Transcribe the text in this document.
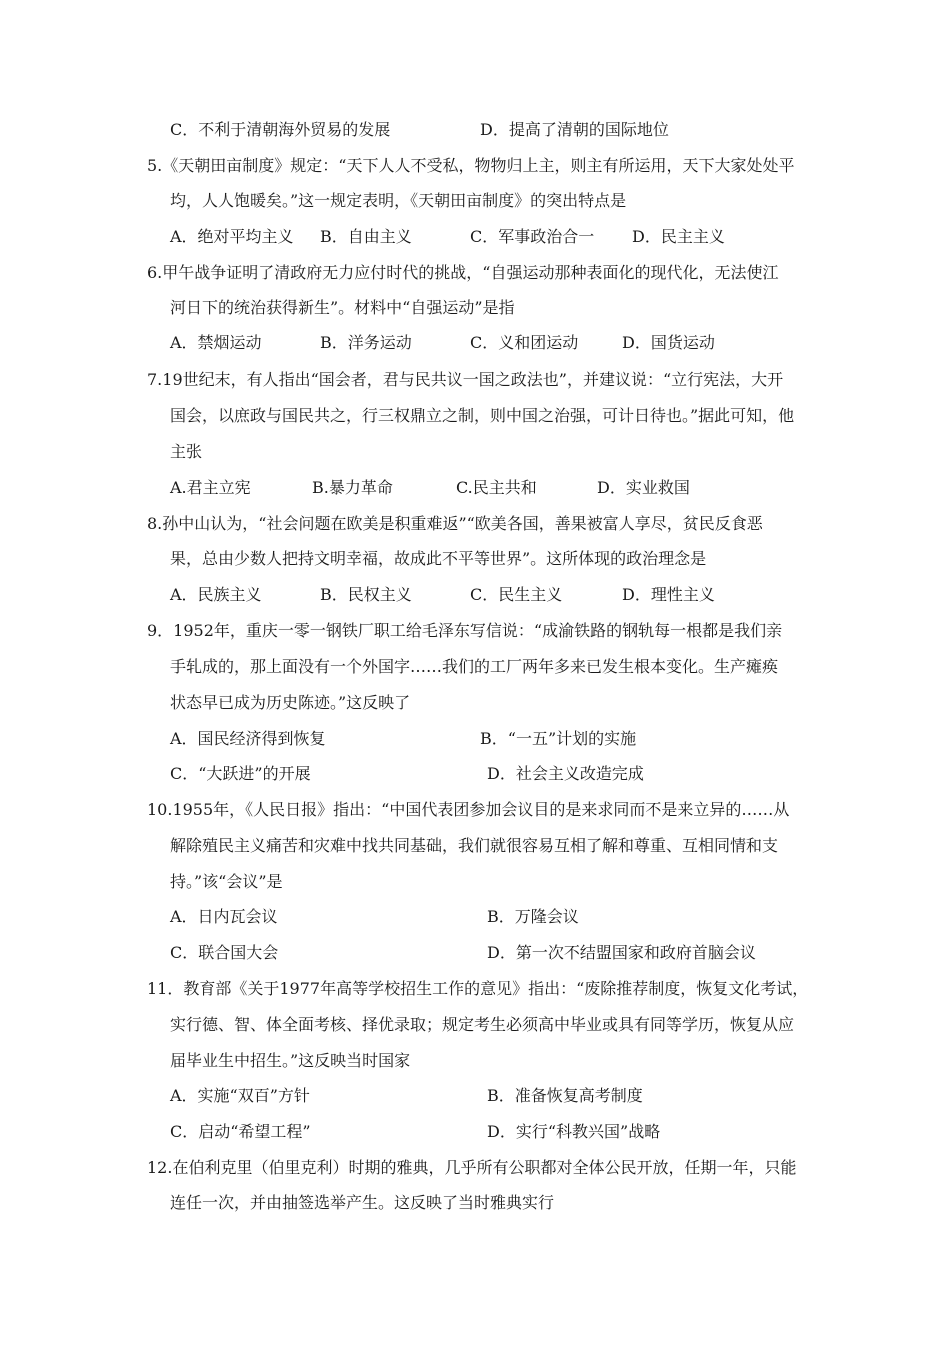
C．不利于清朝海外贸易的发展	D．提高了清朝的国际地位
5.《天朝田亩制度》规定：“天下人人不受私，物物归上主，则主有所运用，天下大家处处平
均，人人饱暖矣。”这一规定表明，《天朝田亩制度》的突出特点是
A．绝对平均主义 B．自由主义	C．军事政治合一 D．民主主义
6.甲午战争证明了清政府无力应付时代的挑战，“自强运动那种表面化的现代化，无法使江
河日下的统治获得新生”。材料中“自强运动”是指
A．禁烟运动	B．洋务运动	C．义和团运动	D．国货运动
7.19世纪末，有人指出“国会者，君与民共议一国之政法也”，并建议说：“立行宪法，大开
国会，以庶政与国民共之，行三权鼎立之制，则中国之治强，可计日待也。”据此可知，他
主张
A.君主立宪	B.暴力革命	C.民主共和	D．实业救国
8.孙中山认为，“社会问题在欧美是积重难返”“欧美各国，善果被富人享尽，贫民反食恶
果，总由少数人把持文明幸福，故成此不平等世界”。这所体现的政治理念是
A．民族主义	B．民权主义	C．民生主义	D．理性主义
9．1952年，重庆一零一钢铁厂职工给毛泽东写信说：“成渝铁路的钢轨每一根都是我们亲
手轧成的，那上面没有一个外国字……我们的工厂两年多来已发生根本变化。生产瘫痪
状态早已成为历史陈迹。”这反映了
A．国民经济得到恢复	B．“一五”计划的实施
C．“大跃进”的开展	D．社会主义改造完成
10.1955年，《人民日报》指出：“中国代表团参加会议目的是来求同而不是来立异的……从
解除殖民主义痛苦和灾难中找共同基础，我们就很容易互相了解和尊重、互相同情和支
持。”该“会议”是
A．日内瓦会议	B．万隆会议
C．联合国大会	D．第一次不结盟国家和政府首脑会议
11．教育部《关于1977年高等学校招生工作的意见》指出：“废除推荐制度，恢复文化考试，
实行德、智、体全面考核、择优录取；规定考生必须高中毕业或具有同等学历，恢复从应
届毕业生中招生。”这反映当时国家
A．实施“双百”方针	B．准备恢复高考制度
C．启动“希望工程”	D．实行“科教兴国”战略
12.在伯利克里（伯里克利）时期的雅典，几乎所有公职都对全体公民开放，任期一年，只能
连任一次，并由抽签选举产生。这反映了当时雅典实行
